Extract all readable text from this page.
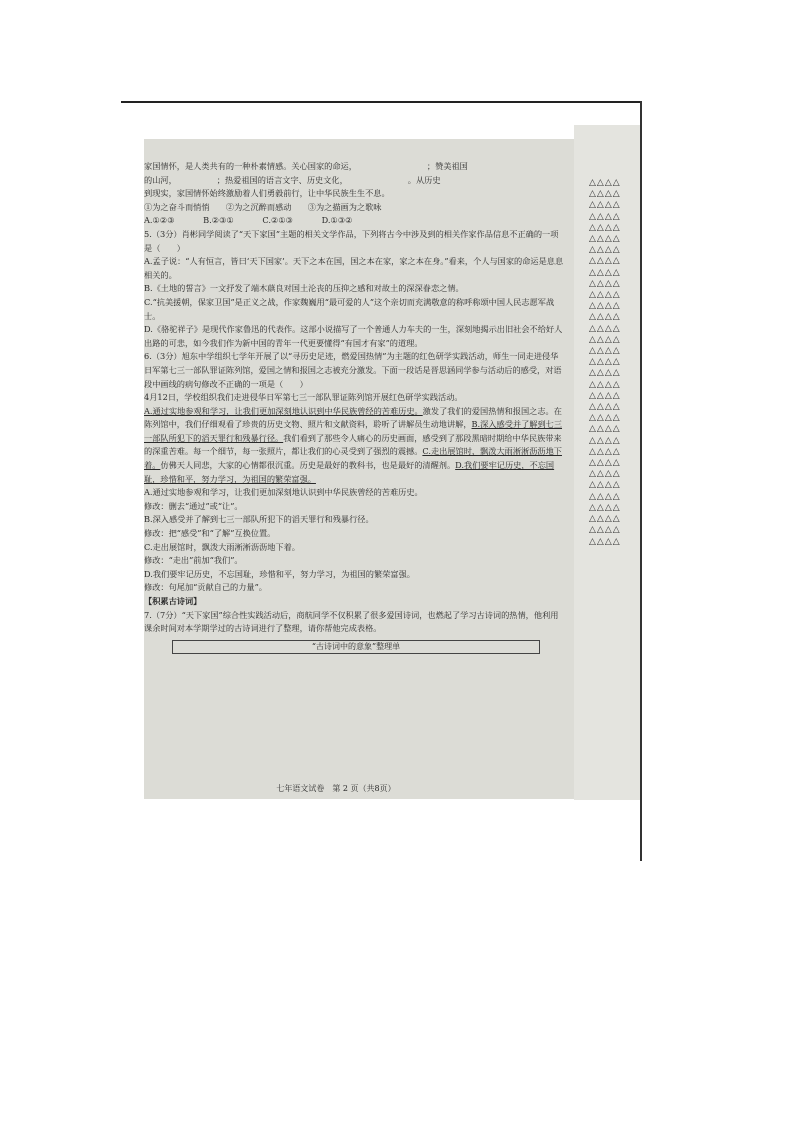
△△△△
△△△△
△△△△
△△△△
△△△△
△△△△
△△△△
△△△△
△△△△
△△△△
△△△△
△△△△
△△△△
△△△△
△△△△
△△△△
△△△△
△△△△
△△△△
△△△△
△△△△
△△△△
△△△△
△△△△
△△△△
△△△△
△△△△
△△△△
△△△△
△△△△
△△△△
△△△△
△△△△

家国情怀，是人类共有的一种朴素情感。关心国家的命运，	；赞美祖国

的山河，	；热爱祖国的语言文字、历史文化，	。从历史

到现实，家国情怀始终激励着人们勇毅前行，让中华民族生生不息。

①为之奋斗而悄悄　　②为之沉醉而感动　　③为之描画为之歌咏

A.①②③	B.②③①	C.②①③	D.①③②

5.（3分）肖彬同学阅读了“天下家国”主题的相关文学作品，下列将古今中涉及到的相关作家作品信息不正确的一项是（　　）

A.孟子说：“人有恒言，皆曰‘天下国家’。天下之本在国，国之本在家，家之本在身。”看来，个人与国家的命运是息息相关的。

B.《土地的誓言》一文抒发了端木蕻良对国土沦丧的压抑之感和对故土的深深眷恋之情。

C.“抗美援朝，保家卫国”是正义之战，作家魏巍用“最可爱的人”这个亲切而充满敬意的称呼称颂中国人民志愿军战士。

D.《骆驼祥子》是现代作家鲁迅的代表作。这部小说描写了一个普通人力车夫的一生，深刻地揭示出旧社会不给好人出路的可悲，如今我们作为新中国的青年一代更要懂得“有国才有家”的道理。

6.（3分）旭东中学组织七学年开展了以“寻历史足迹，燃爱国热情”为主题的红色研学实践活动，师生一同走进侵华日军第七三一部队罪证陈列馆，爱国之情和报国之志被充分激发。下面一段话是晋思涵同学参与活动后的感受，对语段中画线的病句修改不正确的一项是（　　）

4月12日，学校组织我们走进侵华日军第七三一部队罪证陈列馆开展红色研学实践活动。
A.通过实地参观和学习，让我们更加深刻地认识到中华民族曾经的苦难历史。激发了我们的爱国热情和报国之志。在陈列馆中，我们仔细观看了珍贵的历史文物、照片和文献资料，聆听了讲解员生动地讲解，B.深入感受并了解到七三一部队所犯下的滔天罪行和残暴行径。我们看到了那些令人痛心的历史画面，感受到了那段黑暗时期给中华民族带来的深重苦难。每一个细节，每一张照片，都让我们的心灵受到了强烈的震撼。C.走出展馆时，飘泼大雨淅淅沥沥地下着。仿佛天人同悲，大家的心情都很沉重。历史是最好的教科书，也是最好的清醒剂。D.我们要牢记历史，不忘国耻，珍惜和平，努力学习，为祖国的繁荣富强。

A.通过实地参观和学习，让我们更加深刻地认识到中华民族曾经的苦难历史。

修改：删去“通过”或“让”。

B.深入感受并了解到七三一部队所犯下的滔天罪行和残暴行径。

修改：把“感受”和“了解”互换位置。

C.走出展馆时，飘泼大雨淅淅沥沥地下着。

修改：“走出”前加“我们”。

D.我们要牢记历史，不忘国耻，珍惜和平，努力学习，为祖国的繁荣富强。

修改：句尾加“贡献自己的力量”。

【积累古诗词】

7.（7分）“天下家国”综合性实践活动后，商航同学不仅积累了很多爱国诗词，也燃起了学习古诗词的热情，他利用课余时间对本学期学过的古诗词进行了整理，请你帮他完成表格。

“古诗词中的意象”整理单
七年语文试卷　第 2 页（共8页）
